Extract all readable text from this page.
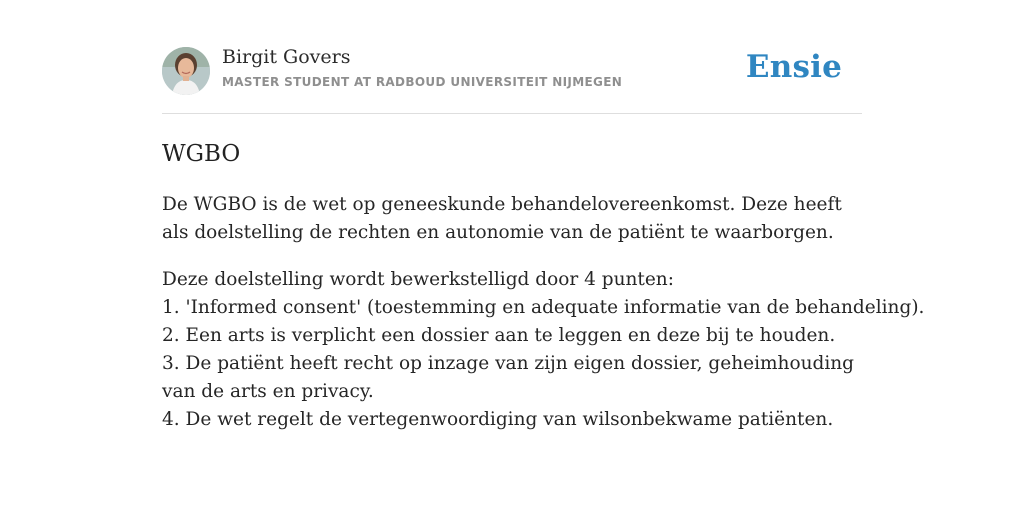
Birgit Govers
MASTER STUDENT AT RADBOUD UNIVERSITEIT NIJMEGEN	Ensie
WGBO

De WGBO is de wet op geneeskunde behandelovereenkomst. Deze heeft als doelstelling de rechten en autonomie van de patiënt te waarborgen.

Deze doelstelling wordt bewerkstelligd door 4 punten:
1. 'Informed consent' (toestemming en adequate informatie van de behandeling).
2. Een arts is verplicht een dossier aan te leggen en deze bij te houden.
3. De patiënt heeft recht op inzage van zijn eigen dossier, geheimhouding van de arts en privacy.
4. De wet regelt de vertegenwoordiging van wilsonbekwame patiënten.
